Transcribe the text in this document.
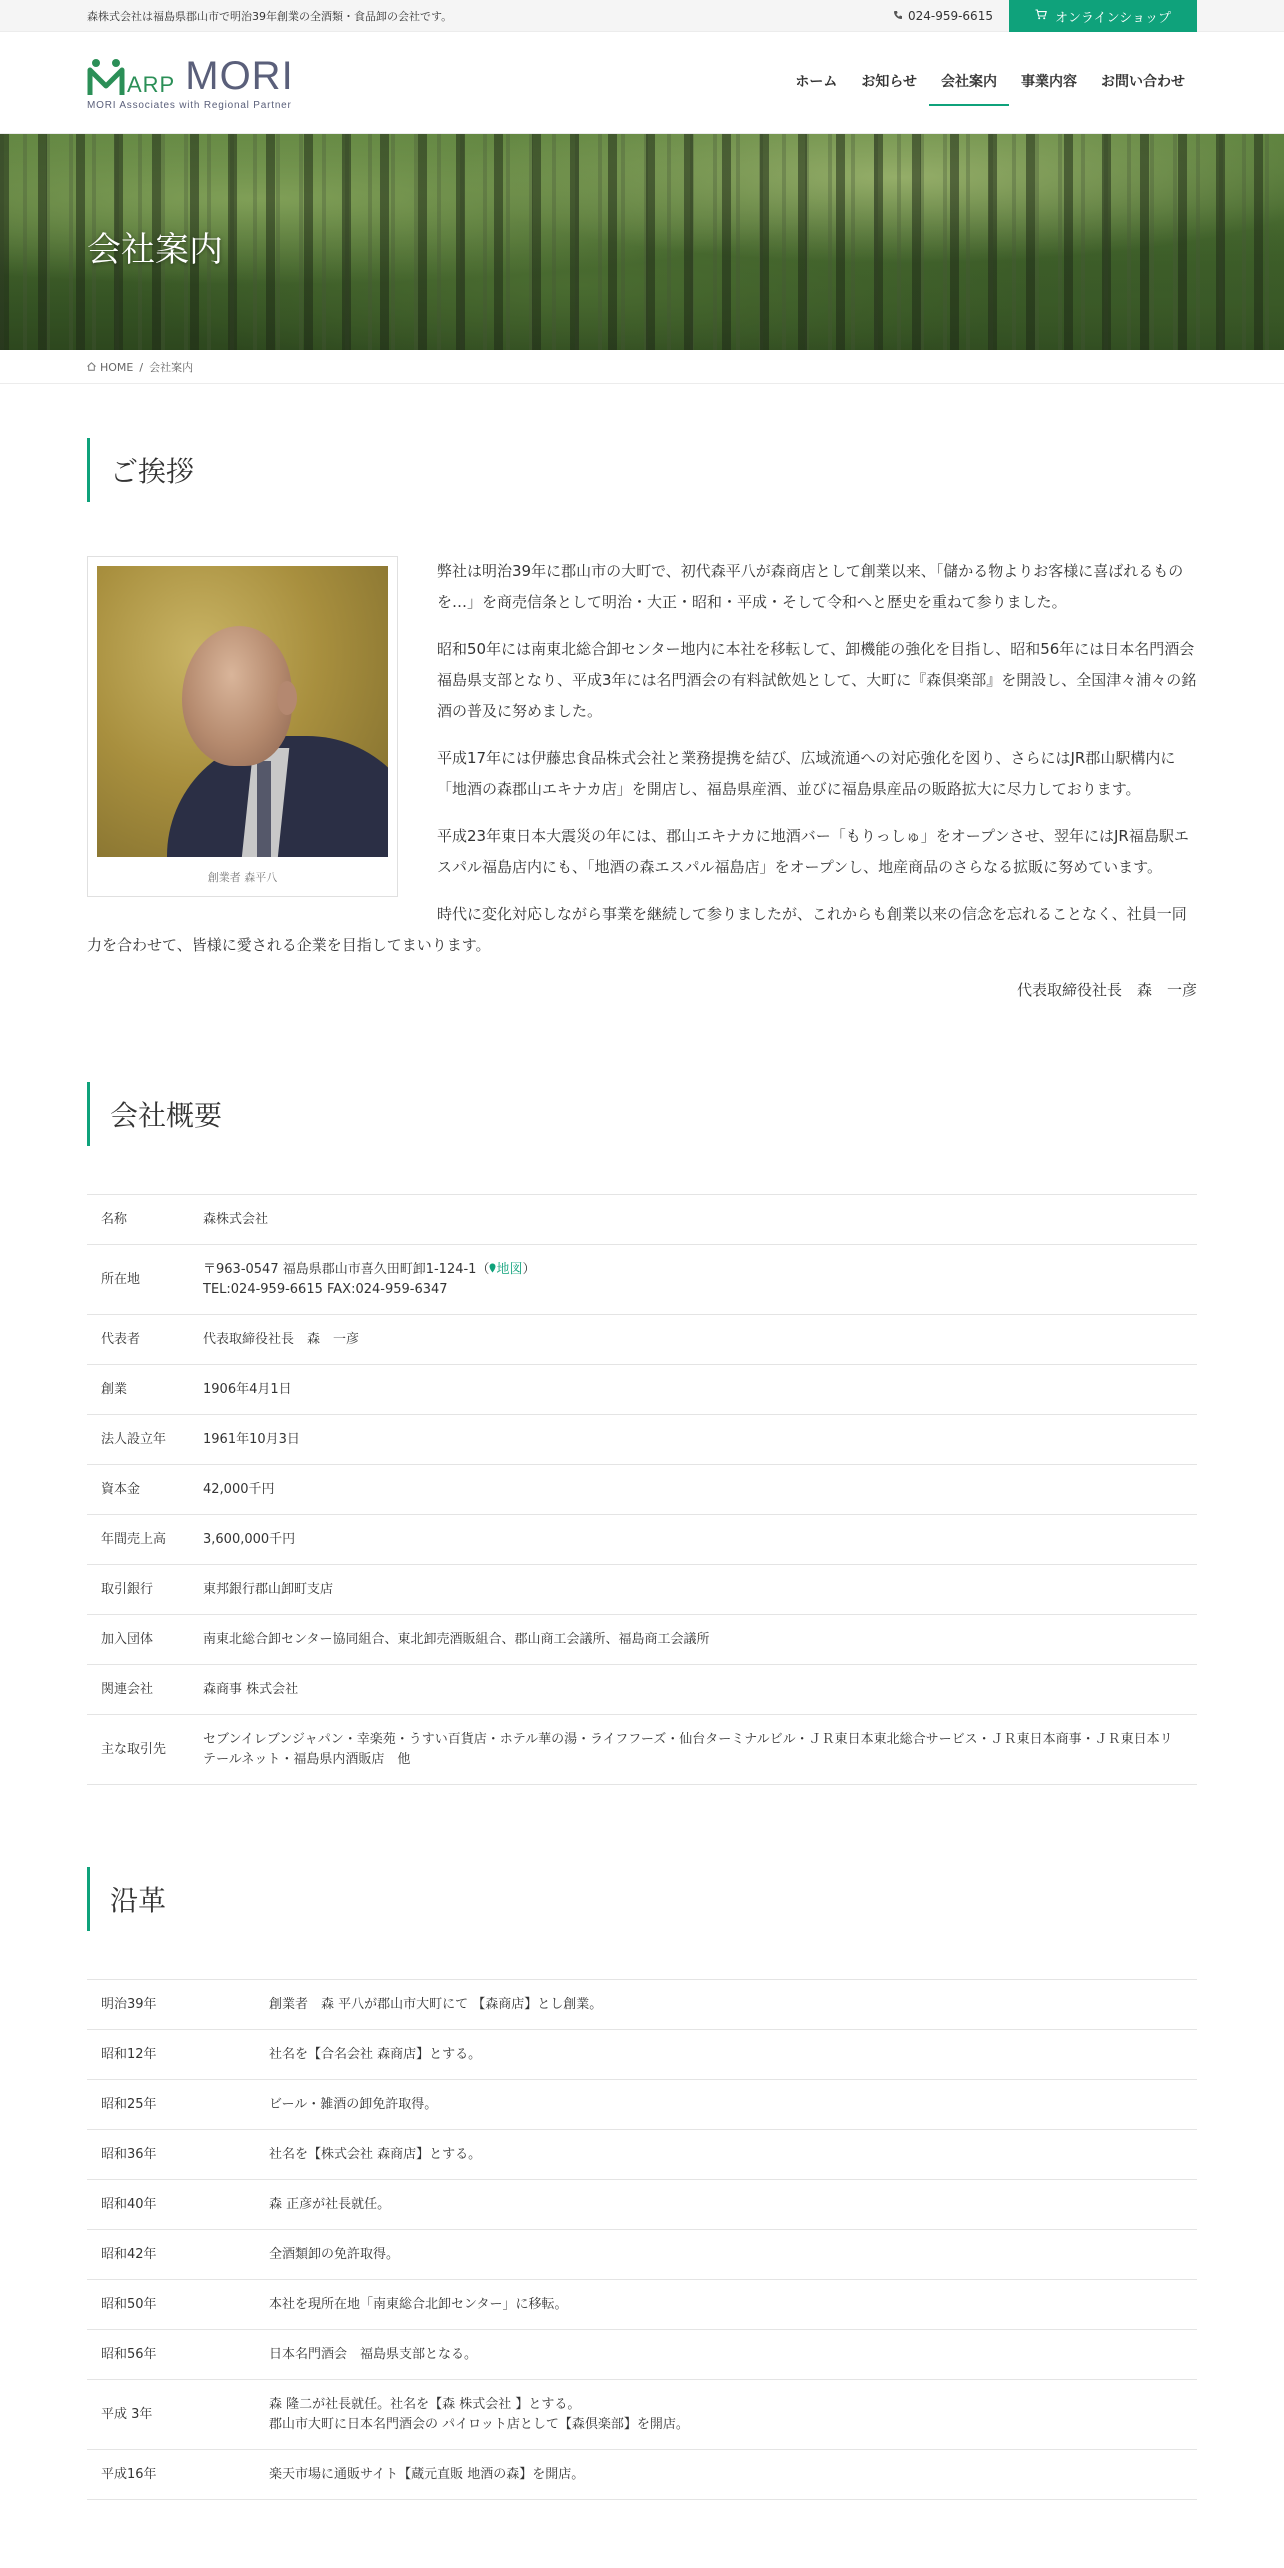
森株式会社は福島県郡山市で明治39年創業の全酒類・食品卸の会社です。	024-959-6615	オンラインショップ
ARP MORI
MORI Associates with Regional Partner
ホーム	お知らせ	会社案内	事業内容	お問い合わせ
会社案内
HOME / 会社案内
ご挨拶
創業者 森平八

弊社は明治39年に郡山市の大町で、初代森平八が森商店として創業以来、「儲かる物よりお客様に喜ばれるものを…」を商売信条として明治・大正・昭和・平成・そして令和へと歴史を重ねて参りました。

昭和50年には南東北総合卸センター地内に本社を移転して、卸機能の強化を目指し、昭和56年には日本名門酒会福島県支部となり、平成3年には名門酒会の有料試飲処として、大町に『森倶楽部』を開設し、全国津々浦々の銘酒の普及に努めました。

平成17年には伊藤忠食品株式会社と業務提携を結び、広域流通への対応強化を図り、さらにはJR郡山駅構内に「地酒の森郡山エキナカ店」を開店し、福島県産酒、並びに福島県産品の販路拡大に尽力しております。

平成23年東日本大震災の年には、郡山エキナカに地酒バー「もりっしゅ」をオープンさせ、翌年にはJR福島駅エスパル福島店内にも、「地酒の森エスパル福島店」をオープンし、地産商品のさらなる拡販に努めています。

時代に変化対応しながら事業を継続して参りましたが、これからも創業以来の信念を忘れることなく、社員一同力を合わせて、皆様に愛される企業を目指してまいります。

代表取締役社長　森　一彦
会社概要
名称	森株式会社
所在地	〒963-0547 福島県郡山市喜久田町卸1-124-1（ 地図）
TEL:024-959-6615 FAX:024-959-6347
代表者	代表取締役社長　森　一彦
創業	1906年4月1日
法人設立年	1961年10月3日
資本金	42,000千円
年間売上高	3,600,000千円
取引銀行	東邦銀行郡山卸町支店
加入団体	南東北総合卸センター協同組合、東北卸売酒販組合、郡山商工会議所、福島商工会議所
関連会社	森商事 株式会社
主な取引先	セブンイレブンジャパン・幸楽苑・うすい百貨店・ホテル華の湯・ライフフーズ・仙台ターミナルビル・ＪＲ東日本東北総合サービス・ＪＲ東日本商事・ＪＲ東日本リテールネット・福島県内酒販店　他
沿革
明治39年	創業者　森 平八が郡山市大町にて 【森商店】とし創業。
昭和12年	社名を【合名会社 森商店】とする。
昭和25年	ビール・雑酒の卸免許取得。
昭和36年	社名を【株式会社 森商店】とする。
昭和40年	森 正彦が社長就任。
昭和42年	全酒類卸の免許取得。
昭和50年	本社を現所在地「南東総合北卸センター」に移転。
昭和56年	日本名門酒会　福島県支部となる。
平成 3年	森 隆二が社長就任。社名を【森 株式会社 】とする。
郡山市大町に日本名門酒会の パイロット店として【森倶楽部】を開店。
平成16年	楽天市場に通販サイト【蔵元直販 地酒の森】を開店。
